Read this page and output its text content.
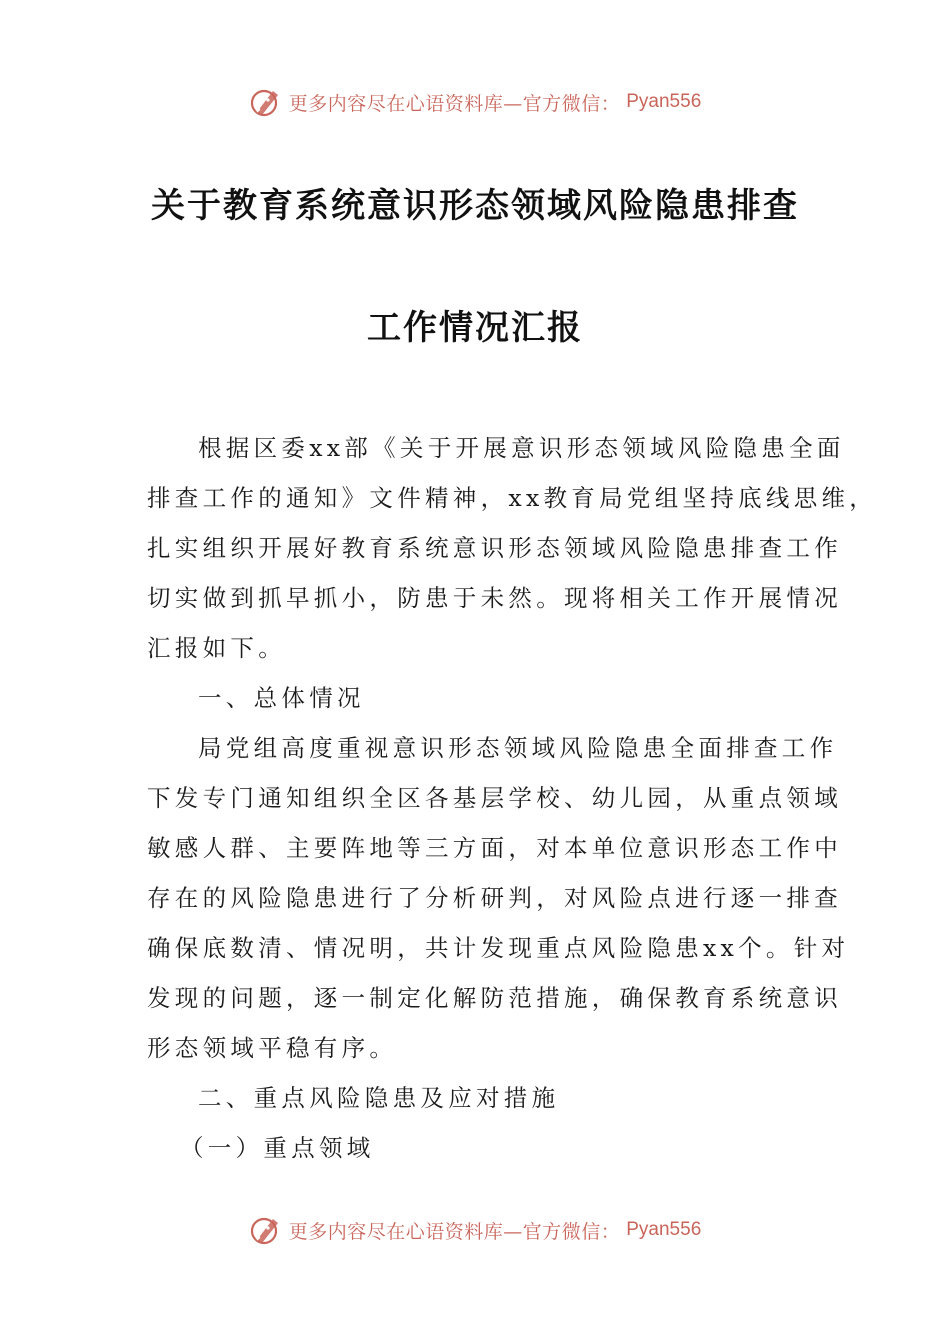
更多内容尽在心语资料库—官方微信： Pyan556
关于教育系统意识形态领域风险隐患排查
工作情况汇报

根据区委xx部《关于开展意识形态领域风险隐患全面
排查工作的通知》文件精神，xx教育局党组坚持底线思维，
扎实组织开展好教育系统意识形态领域风险隐患排查工作
切实做到抓早抓小，防患于未然。现将相关工作开展情况
汇报如下。

一、总体情况

局党组高度重视意识形态领域风险隐患全面排查工作
下发专门通知组织全区各基层学校、幼儿园，从重点领域
敏感人群、主要阵地等三方面，对本单位意识形态工作中
存在的风险隐患进行了分析研判，对风险点进行逐一排查
确保底数清、情况明，共计发现重点风险隐患xx个。针对
发现的问题，逐一制定化解防范措施，确保教育系统意识
形态领域平稳有序。

二、重点风险隐患及应对措施

（一）重点领域

更多内容尽在心语资料库—官方微信： Pyan556
